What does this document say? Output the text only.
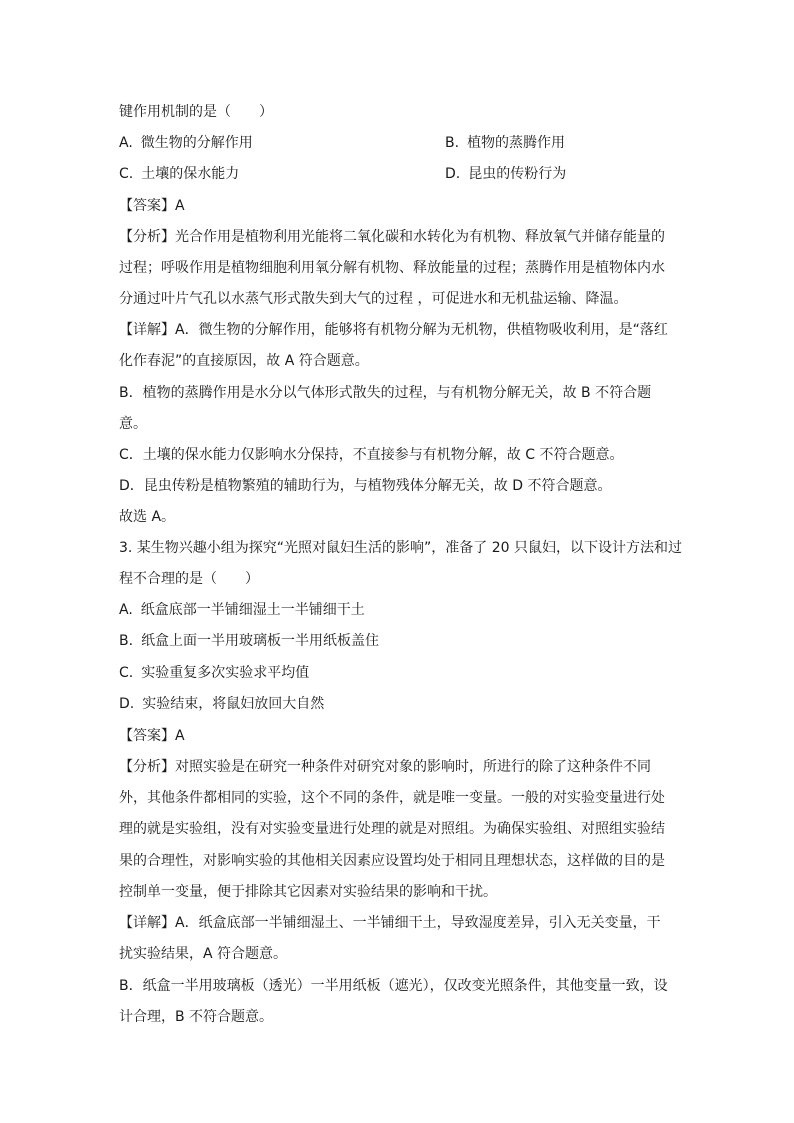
键作用机制的是（　　）
A. 微生物的分解作用	B. 植物的蒸腾作用
C. 土壤的保水能力	D. 昆虫的传粉行为
【答案】A
【分析】光合作用是植物利用光能将二氧化碳和水转化为有机物、释放氧气并储存能量的
过程；呼吸作用是植物细胞利用氧分解有机物、释放能量的过程；蒸腾作用是植物体内水
分通过叶片气孔以水蒸气形式散失到大气的过程 ，可促进水和无机盐运输、降温。
【详解】A．微生物的分解作用，能够将有机物分解为无机物，供植物吸收利用，是“落红
化作春泥”的直接原因，故 A 符合题意。
B．植物的蒸腾作用是水分以气体形式散失的过程，与有机物分解无关，故 B 不符合题
意。
C．土壤的保水能力仅影响水分保持，不直接参与有机物分解，故 C 不符合题意。
D．昆虫传粉是植物繁殖的辅助行为，与植物残体分解无关，故 D 不符合题意。
故选 A。
3. 某生物兴趣小组为探究“光照对鼠妇生活的影响”，准备了 20 只鼠妇，以下设计方法和过
程不合理的是（　　）
A. 纸盒底部一半铺细湿土一半铺细干土
B. 纸盒上面一半用玻璃板一半用纸板盖住
C. 实验重复多次实验求平均值
D. 实验结束，将鼠妇放回大自然
【答案】A
【分析】对照实验是在研究一种条件对研究对象的影响时，所进行的除了这种条件不同
外，其他条件都相同的实验，这个不同的条件，就是唯一变量。一般的对实验变量进行处
理的就是实验组，没有对实验变量进行处理的就是对照组。为确保实验组、对照组实验结
果的合理性，对影响实验的其他相关因素应设置均处于相同且理想状态，这样做的目的是
控制单一变量，便于排除其它因素对实验结果的影响和干扰。
【详解】A．纸盒底部一半铺细湿土、一半铺细干土，导致湿度差异，引入无关变量，干
扰实验结果，A 符合题意。
B．纸盒一半用玻璃板（透光）一半用纸板（遮光），仅改变光照条件，其他变量一致，设
计合理，B 不符合题意。
